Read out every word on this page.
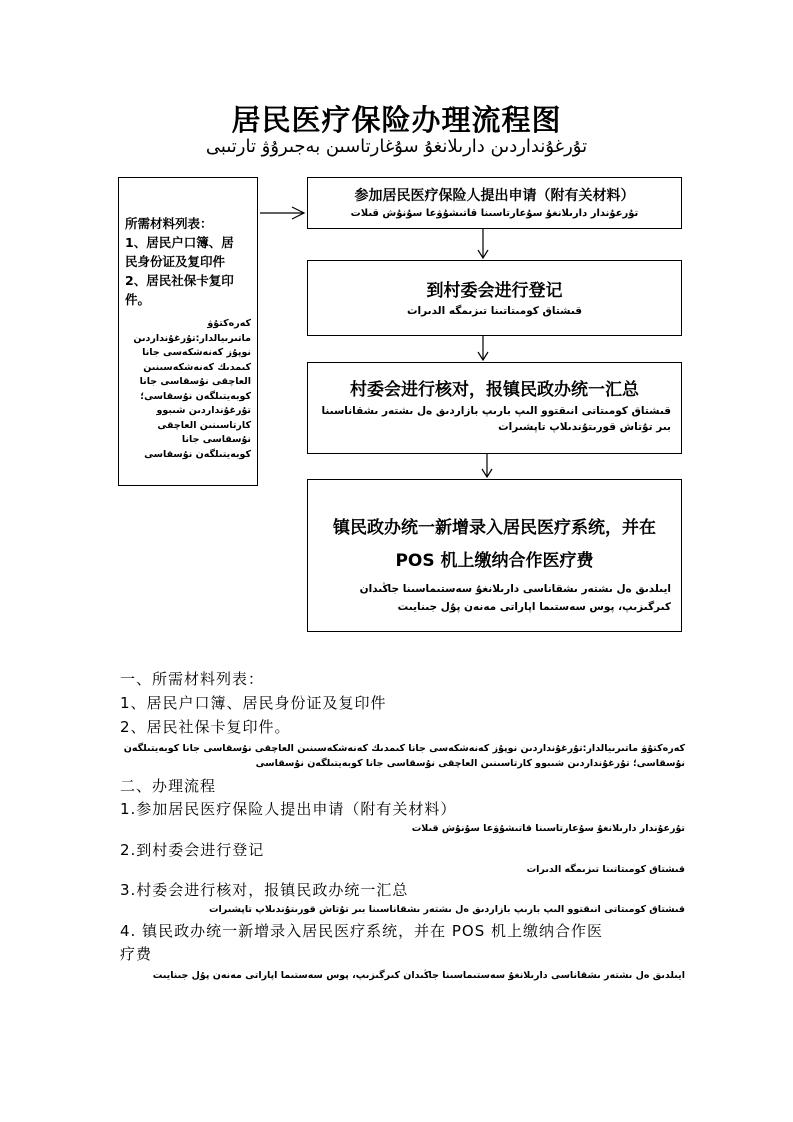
居民医疗保险办理流程图
تۇرغۇنداردىن دارىلانغۇ سۇغارتاسىن بەجىرۇۋ تارتىبى
所需材料列表：
1、居民户口簿、居
民身份证及复印件
2、居民社保卡复印
件。
كەرەكتۇۋ ماتىرىيالدار:تۇرغۇنداردىن نوپۇز كەنەشكەسى جانا كىمدىك كەنەشكەسىنىن العاچقى نۇسقاسى جانا كوبەيتىلگەن نۇسقاسى؛ تۇرغۇنداردىن شىبوو كارتاسىنىن العاچقى نۇسقاسى جانا كوبەيتىلگەن نۇسقاسى
参加居民医疗保险人提出申请（附有关材料）
تۇرعۇندار دارىلانغۇ سۇعارتاسىنا قاتىشۇۋعا سۇنۇش قىلات
到村委会进行登记
قىشتاق كومىتاتىنا تىزىمگە الدىرات
村委会进行核对，报镇民政办统一汇总
قىشتاق كومىتاتى انىقتوو الىپ بارىپ بازاردىق ەل ىشتەر ىشقاناسىنا بىر تۇتاش قورىتۇندىلاپ تاپشىرات
镇民政办统一新增录入居民医疗系统，并在
POS 机上缴纳合作医疗费
ايىلدىق ەل ىشتەر ىشقاناسى دارىلانغۇ سەستىماسىنا جاڭىدان كىرگىزىپ، پوس سەستىما اپاراتى مەنەن پۇل جىنايىت
一、所需材料列表：
1、居民户口簿、居民身份证及复印件
2、居民社保卡复印件。
كەرەكتۇۋ ماتىرىيالدار:تۇرغۇنداردىن نوپۇز كەنەشكەسى جانا كىمدىك كەنەشكەسىنىن العاچقى نۇسقاسى جانا كوبەيتىلگەن نۇسقاسى؛ تۇرغۇنداردىن شىبوو كارتاسىنىن العاچقى نۇسقاسى جانا كوبەيتىلگەن نۇسقاسى
二、办理流程
1.参加居民医疗保险人提出申请（附有关材料）
تۇرعۇندار دارىلانغۇ سۇعارتاسىنا قاتىشۇۋعا سۇنۇش قىلات
2.到村委会进行登记
قىشتاق كومىتاتىنا تىزىمگە الدىرات
3.村委会进行核对，报镇民政办统一汇总
قىشتاق كومىتاتى انىقتوو الىپ بارىپ بازاردىق ەل ىشتەر ىشقاناسىنا بىر تۇتاش قورىتۇندىلاپ تاپشىرات
4. 镇民政办统一新增录入居民医疗系统，并在 POS 机上缴纳合作医
疗费
ايىلدىق ەل ىشتەر ىشقاناسى دارىلانغۇ سەستىماسىنا جاڭىدان كىرگىزىپ، پوس سەستىما اپاراتى مەنەن پۇل جىنايىت
